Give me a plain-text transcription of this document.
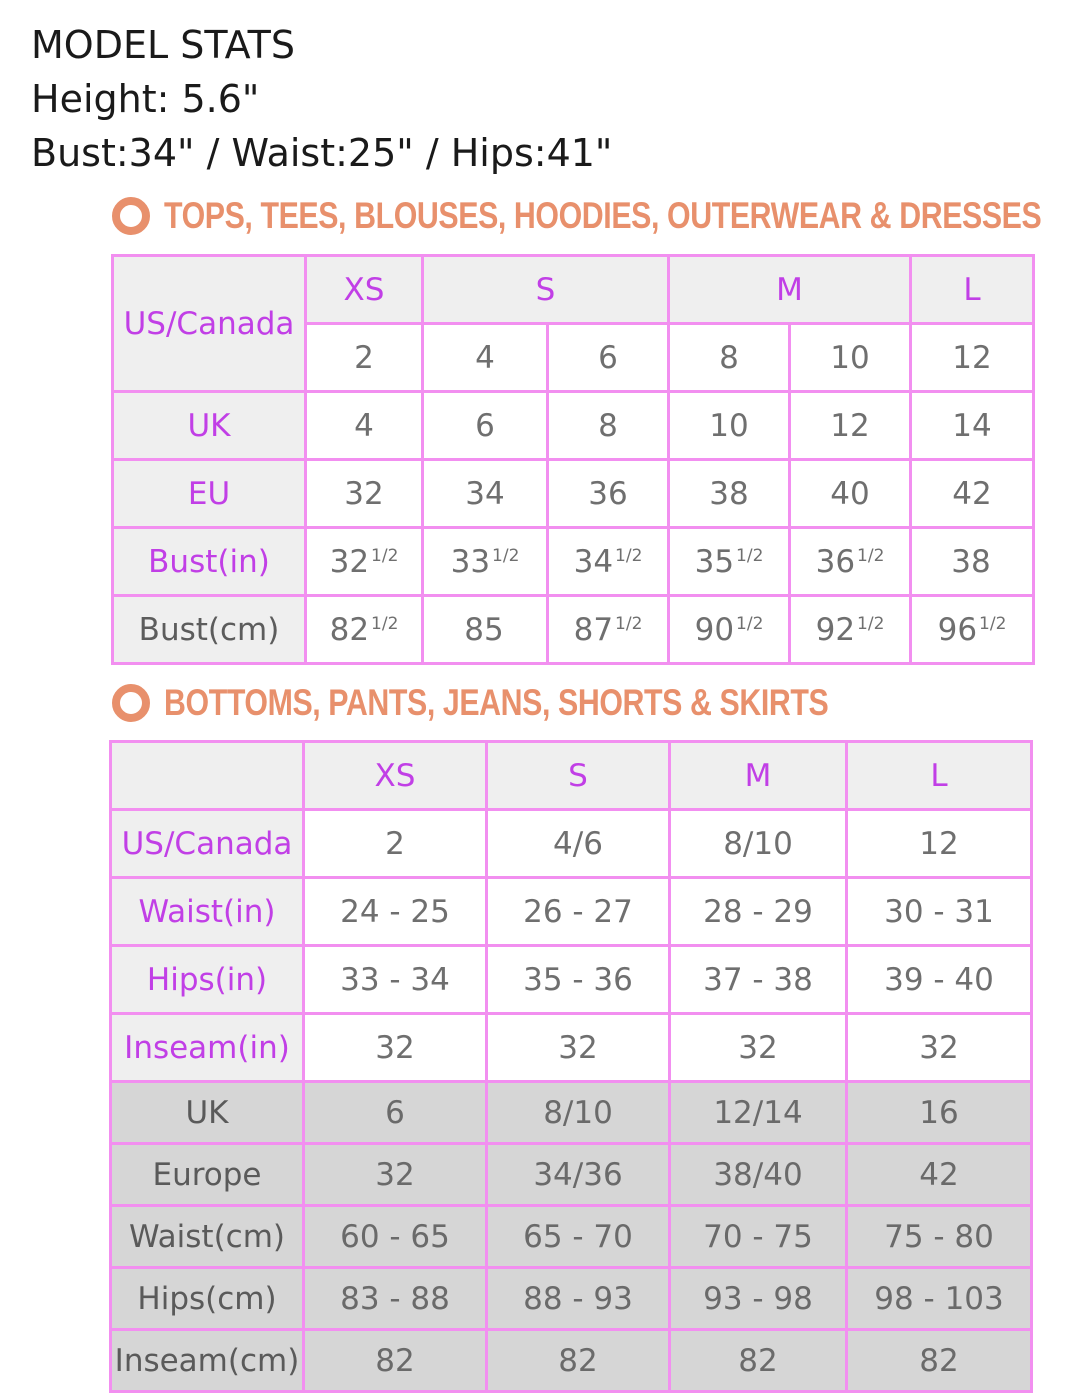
MODEL STATS
Height: 5.6"
Bust:34" / Waist:25" / Hips:41"
TOPS, TEES, BLOUSES, HOODIES, OUTERWEAR & DRESSES
US/Canada	XS	S		M		L
	2	4	6	8	10	12
UK	4	6	8	10	12	14
EU	32	34	36	38	40	42
Bust(in)	32 $^{1/2}$	33 $^{1/2}$	34 $^{1/2}$	35 $^{1/2}$	36 $^{1/2}$	38
Bust(cm)	82 $^{1/2}$	85	87 $^{1/2}$	90 $^{1/2}$	92 $^{1/2}$	96 $^{1/2}$
BOTTOMS, PANTS, JEANS, SHORTS & SKIRTS
	XS	S	M	L
US/Canada	2	4/6	8/10	12
Waist(in)	24 - 25	26 - 27	28 - 29	30 - 31
Hips(in)	33 - 34	35 - 36	37 - 38	39 - 40
Inseam(in)	32	32	32	32
UK	6	8/10	12/14	16
Europe	32	34/36	38/40	42
Waist(cm)	60 - 65	65 - 70	70 - 75	75 - 80
Hips(cm)	83 - 88	88 - 93	93 - 98	98 - 103
Inseam(cm)	82	82	82	82
